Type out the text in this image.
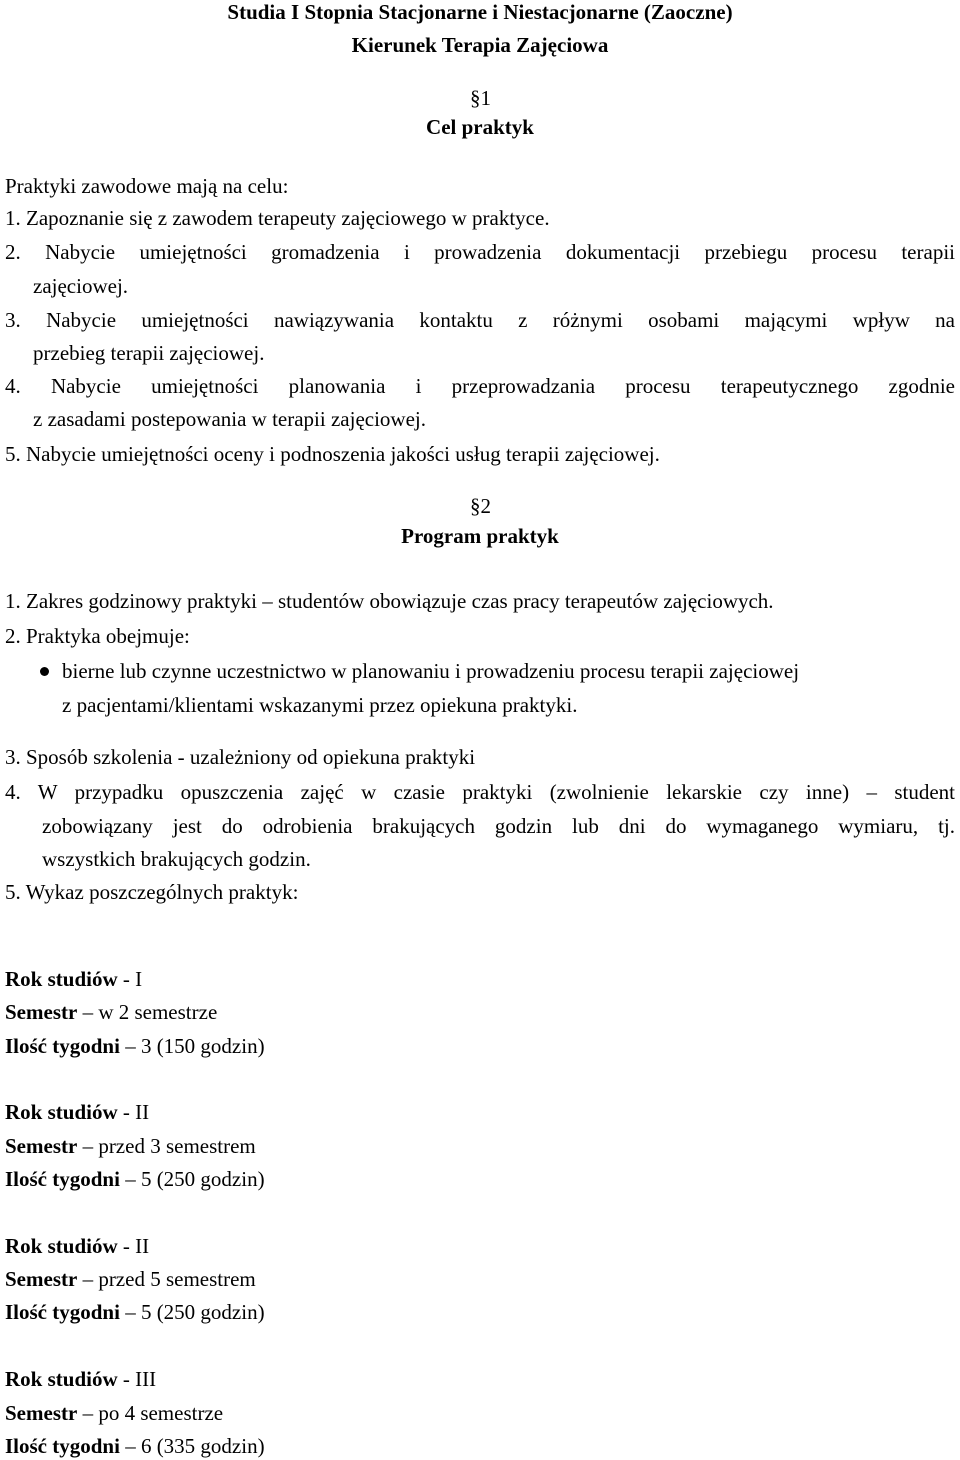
Studia I Stopnia Stacjonarne i Niestacjonarne (Zaoczne)
Kierunek Terapia Zajęciowa
§1
Cel praktyk
Praktyki zawodowe mają na celu:
1. Zapoznanie się z zawodem terapeuty zajęciowego w praktyce.
2. Nabycie umiejętności gromadzenia i prowadzenia dokumentacji przebiegu procesu terapii
zajęciowej.
3. Nabycie umiejętności nawiązywania kontaktu z różnymi osobami mającymi wpływ na
przebieg terapii zajęciowej.
4. Nabycie umiejętności planowania i przeprowadzania procesu terapeutycznego zgodnie
z zasadami postepowania w terapii zajęciowej.
5. Nabycie umiejętności oceny i podnoszenia jakości usług terapii zajęciowej.
§2
Program praktyk
1. Zakres godzinowy praktyki – studentów obowiązuje czas pracy terapeutów zajęciowych.
2. Praktyka obejmuje:
bierne lub czynne uczestnictwo w planowaniu i prowadzeniu procesu terapii zajęciowej
z pacjentami/klientami wskazanymi przez opiekuna praktyki.
3. Sposób szkolenia - uzależniony od opiekuna praktyki
4. W przypadku opuszczenia zajęć w czasie praktyki (zwolnienie lekarskie czy inne) – student
zobowiązany jest do odrobienia brakujących godzin lub dni do wymaganego wymiaru, tj.
wszystkich brakujących godzin.
5. Wykaz poszczególnych praktyk:
Rok studiów - I
Semestr – w 2 semestrze
Ilość tygodni – 3 (150 godzin)
Rok studiów - II
Semestr – przed 3 semestrem
Ilość tygodni – 5 (250 godzin)
Rok studiów - II
Semestr – przed 5 semestrem
Ilość tygodni – 5 (250 godzin)
Rok studiów - III
Semestr – po 4 semestrze
Ilość tygodni – 6 (335 godzin)
